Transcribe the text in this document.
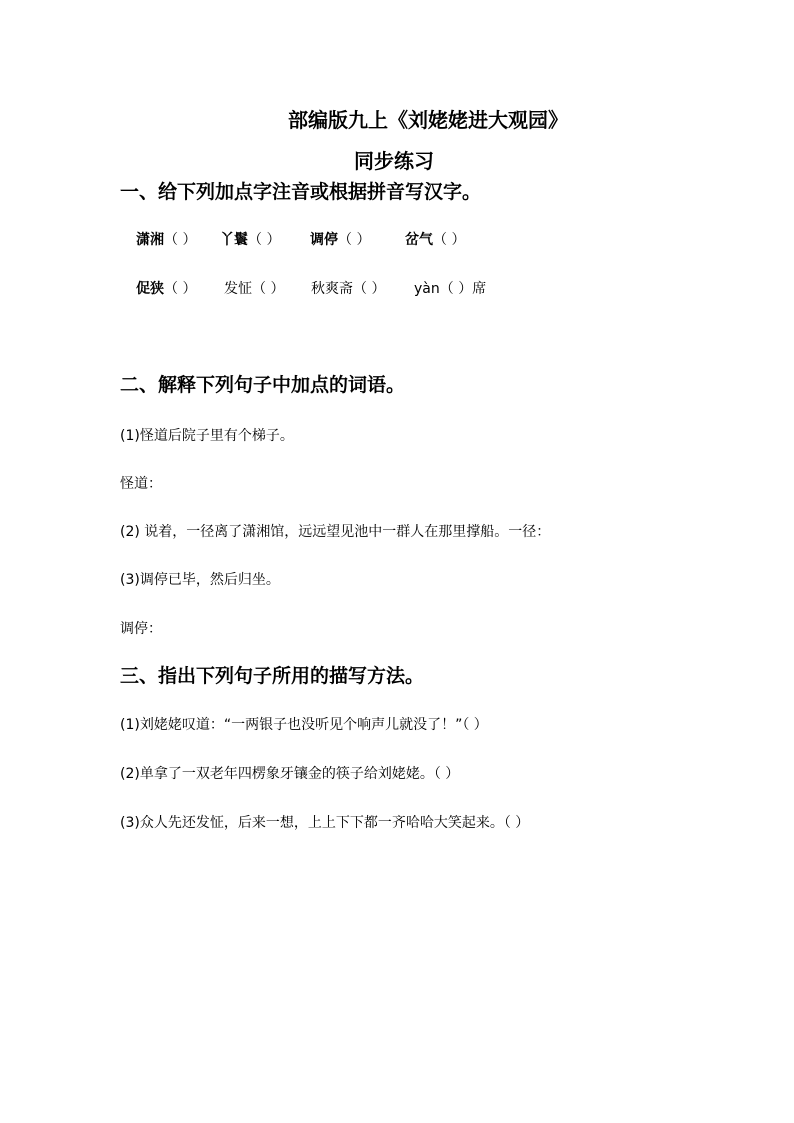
部编版九上《刘姥姥进大观园》
同步练习
一、给下列加点字注音或根据拼音写汉字。
潇湘（ ） 丫鬟（ ） 调停（ ） 岔气（ ）
促狭（ ） 发怔（ ） 秋爽斋（ ） yàn（ ）席
二、解释下列句子中加点的词语。
(1)怪道后院子里有个梯子。
怪道：
(2) 说着，一径离了潇湘馆，远远望见池中一群人在那里撑船。一径：
(3)调停已毕，然后归坐。
调停：
三、指出下列句子所用的描写方法。
(1)刘姥姥叹道：“一两银子也没听见个响声儿就没了！”（ ）
(2)单拿了一双老年四楞象牙镶金的筷子给刘姥姥。（ ）
(3)众人先还发怔，后来一想，上上下下都一齐哈哈大笑起来。（ ）
